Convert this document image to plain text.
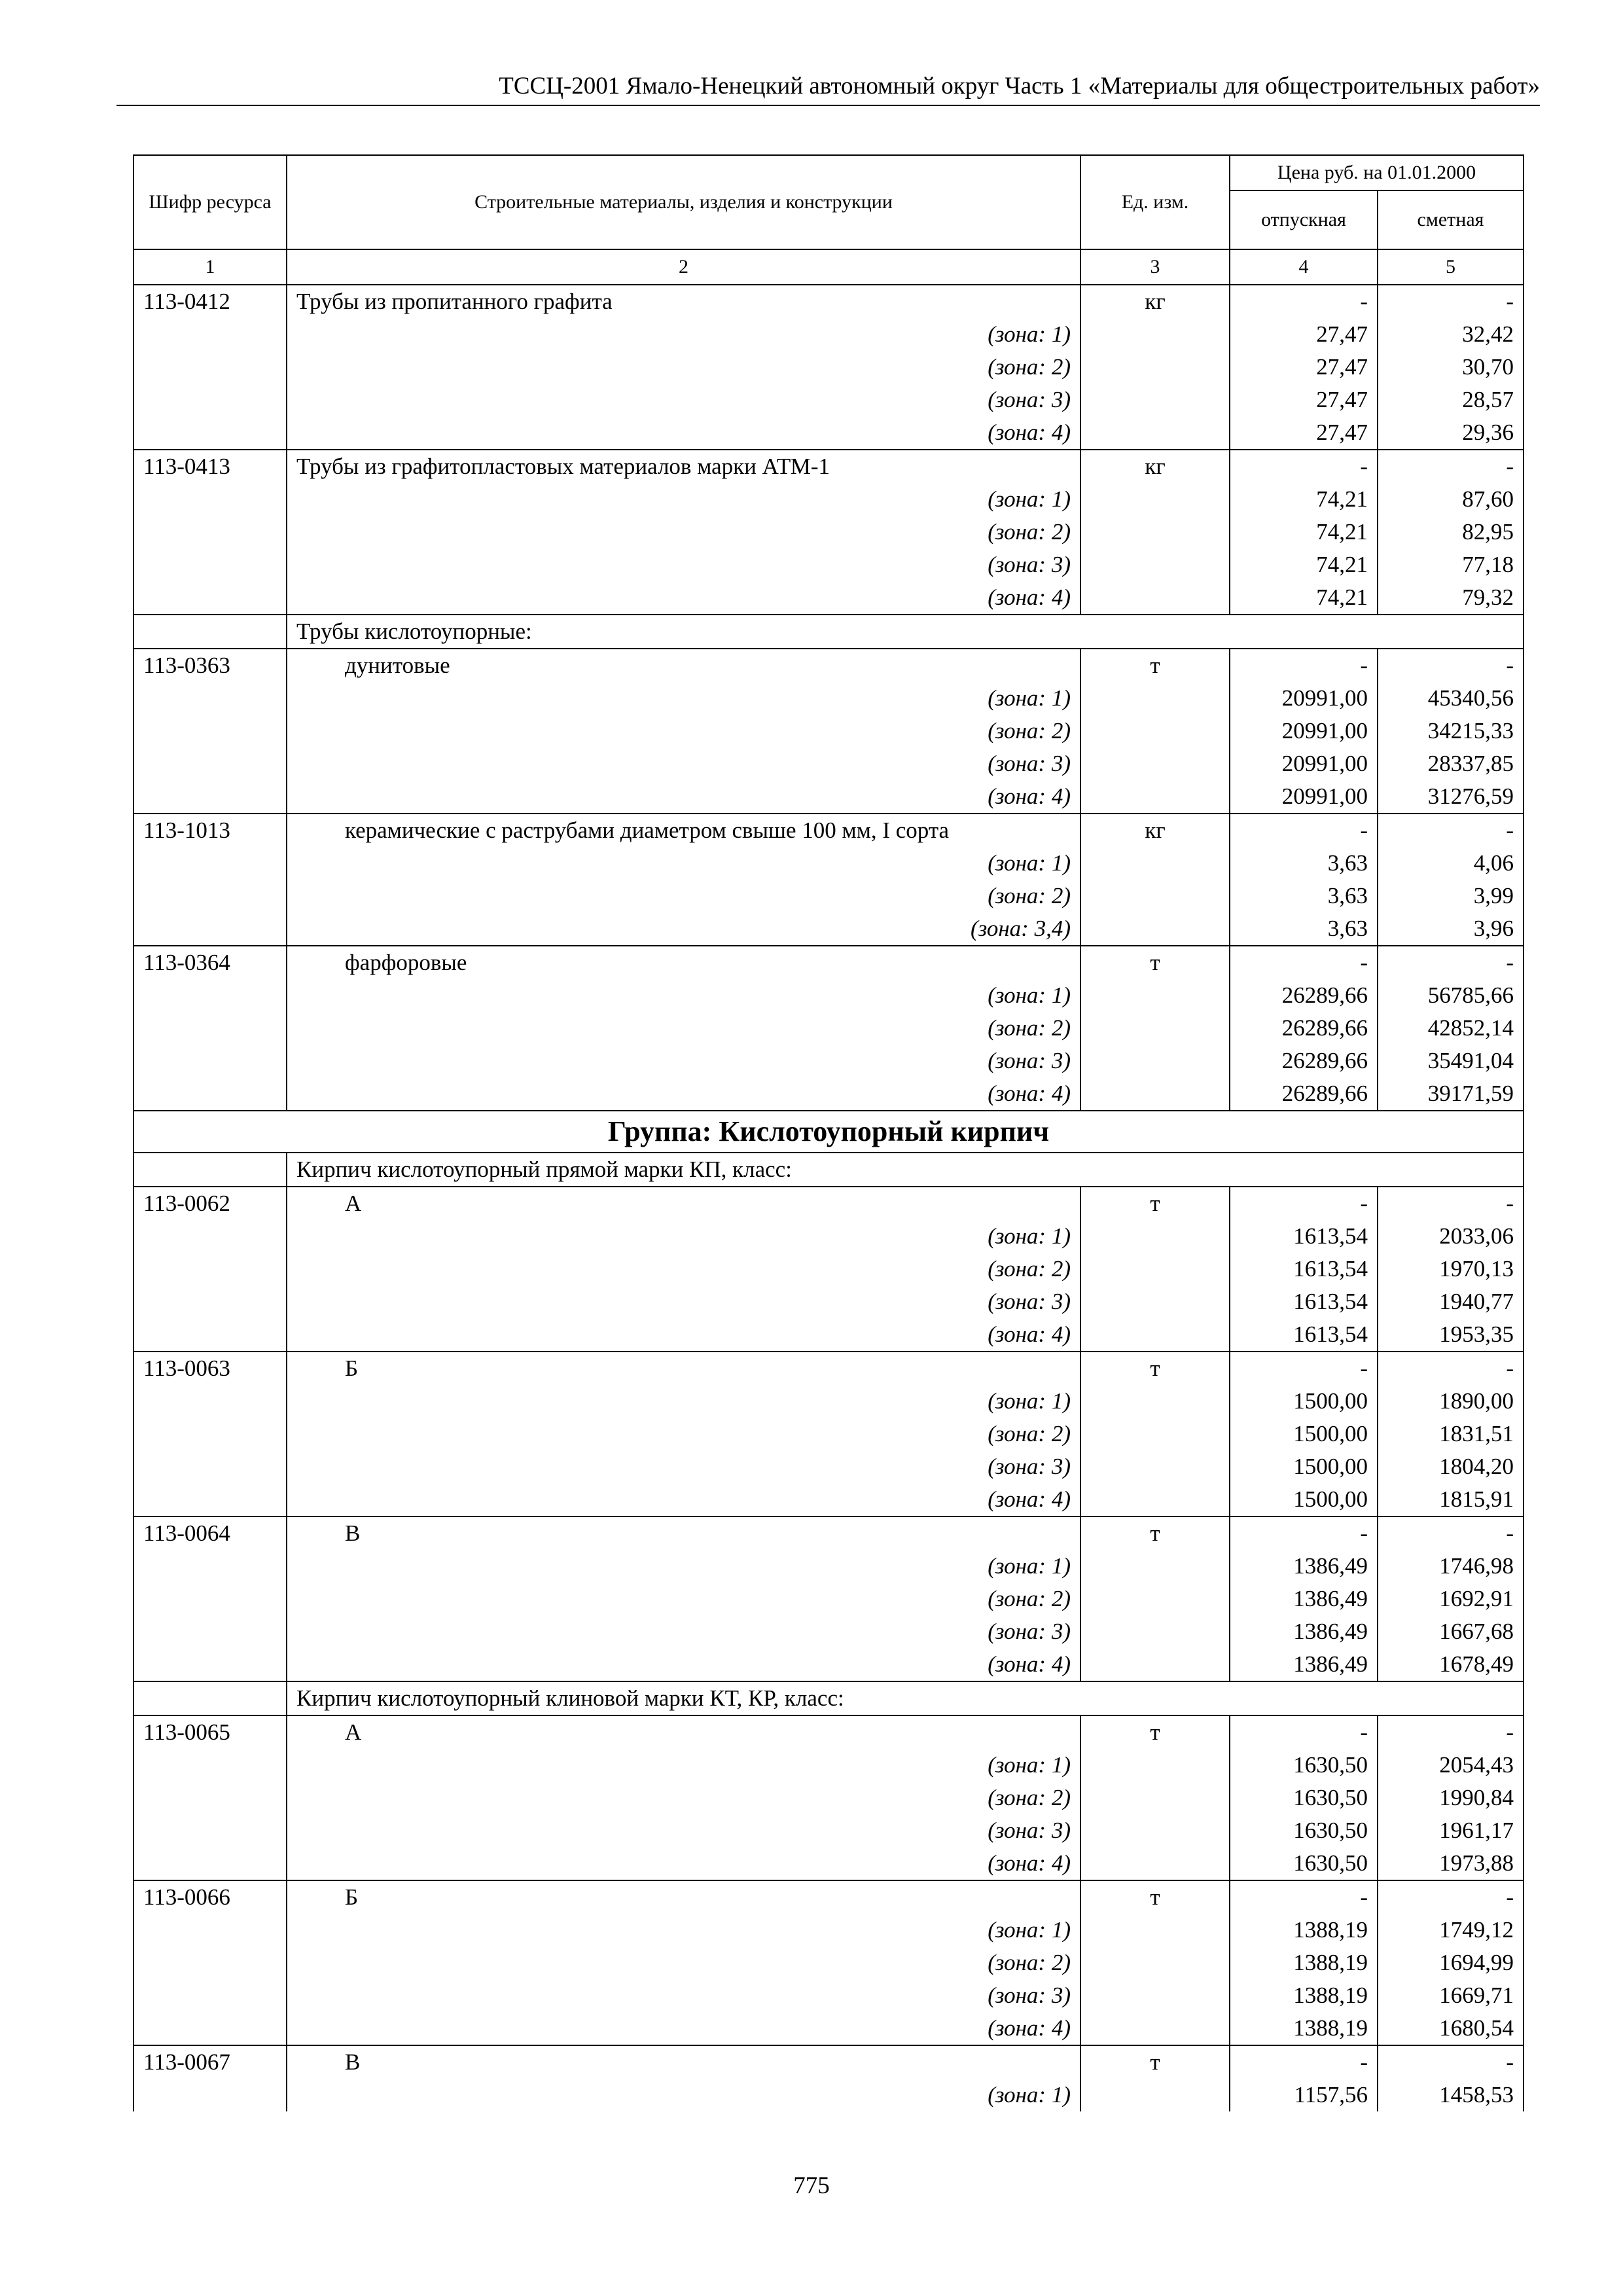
ТССЦ-2001 Ямало-Ненецкий автономный округ Часть 1 «Материалы для общестроительных работ»
Шифр ресурса	Строительные материалы, изделия и конструкции	Ед. изм.	Цена руб. на 01.01.2000	
			отпускная	сметная
1	2	3	4	5
113-0412	Трубы из пропитанного графита	кг	-	-
	(зона: 1)		27,47	32,42
	(зона: 2)		27,47	30,70
	(зона: 3)		27,47	28,57
	(зона: 4)		27,47	29,36
113-0413	Трубы из графитопластовых материалов марки АТМ-1	кг	-	-
	(зона: 1)		74,21	87,60
	(зона: 2)		74,21	82,95
	(зона: 3)		74,21	77,18
	(зона: 4)		74,21	79,32
	Трубы кислотоупорные:			
113-0363	дунитовые	т	-	-
	(зона: 1)		20991,00	45340,56
	(зона: 2)		20991,00	34215,33
	(зона: 3)		20991,00	28337,85
	(зона: 4)		20991,00	31276,59
113-1013	керамические с раструбами диаметром свыше 100 мм, I сорта	кг	-	-
	(зона: 1)		3,63	4,06
	(зона: 2)		3,63	3,99
	(зона: 3,4)		3,63	3,96
113-0364	фарфоровые	т	-	-
	(зона: 1)		26289,66	56785,66
	(зона: 2)		26289,66	42852,14
	(зона: 3)		26289,66	35491,04
	(зона: 4)		26289,66	39171,59
Группа: Кислотоупорный кирпич				
	Кирпич кислотоупорный прямой марки КП, класс:			
113-0062	А	т	-	-
	(зона: 1)		1613,54	2033,06
	(зона: 2)		1613,54	1970,13
	(зона: 3)		1613,54	1940,77
	(зона: 4)		1613,54	1953,35
113-0063	Б	т	-	-
	(зона: 1)		1500,00	1890,00
	(зона: 2)		1500,00	1831,51
	(зона: 3)		1500,00	1804,20
	(зона: 4)		1500,00	1815,91
113-0064	В	т	-	-
	(зона: 1)		1386,49	1746,98
	(зона: 2)		1386,49	1692,91
	(зона: 3)		1386,49	1667,68
	(зона: 4)		1386,49	1678,49
	Кирпич кислотоупорный клиновой марки КТ, КР, класс:			
113-0065	А	т	-	-
	(зона: 1)		1630,50	2054,43
	(зона: 2)		1630,50	1990,84
	(зона: 3)		1630,50	1961,17
	(зона: 4)		1630,50	1973,88
113-0066	Б	т	-	-
	(зона: 1)		1388,19	1749,12
	(зона: 2)		1388,19	1694,99
	(зона: 3)		1388,19	1669,71
	(зона: 4)		1388,19	1680,54
113-0067	В	т	-	-
	(зона: 1)		1157,56	1458,53
775
